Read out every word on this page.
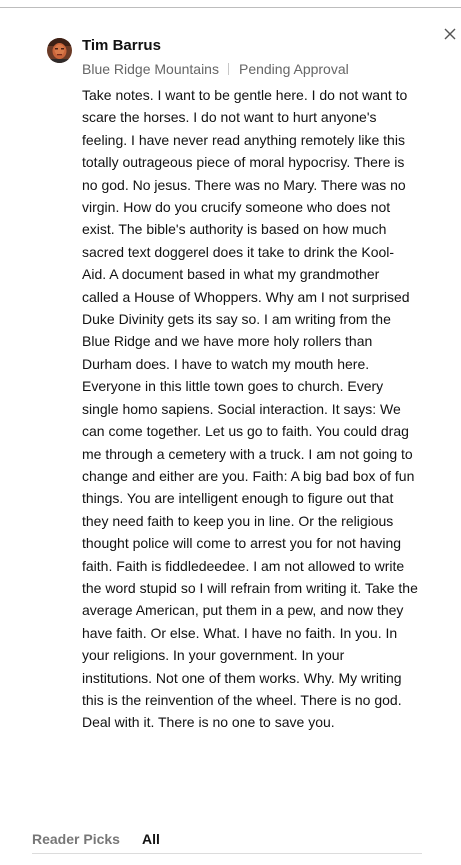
Tim Barrus
Blue Ridge Mountains Pending Approval

Take notes. I want to be gentle here. I do not want to scare the horses. I do not want to hurt anyone's feeling. I have never read anything remotely like this totally outrageous piece of moral hypocrisy. There is no god. No jesus. There was no Mary. There was no virgin. How do you crucify someone who does not exist. The bible's authority is based on how much sacred text doggerel does it take to drink the Kool-Aid. A document based in what my grandmother called a House of Whoppers. Why am I not surprised Duke Divinity gets its say so. I am writing from the Blue Ridge and we have more holy rollers than Durham does. I have to watch my mouth here. Everyone in this little town goes to church. Every single homo sapiens. Social interaction. It says: We can come together. Let us go to faith. You could drag me through a cemetery with a truck. I am not going to change and either are you. Faith: A big bad box of fun things. You are intelligent enough to figure out that they need faith to keep you in line. Or the religious thought police will come to arrest you for not having faith. Faith is fiddledeedee. I am not allowed to write the word stupid so I will refrain from writing it. Take the average American, put them in a pew, and now they have faith. Or else. What. I have no faith. In you. In your religions. In your government. In your institutions. Not one of them works. Why. My writing this is the reinvention of the wheel. There is no god. Deal with it. There is no one to save you.

Reader Picks All
